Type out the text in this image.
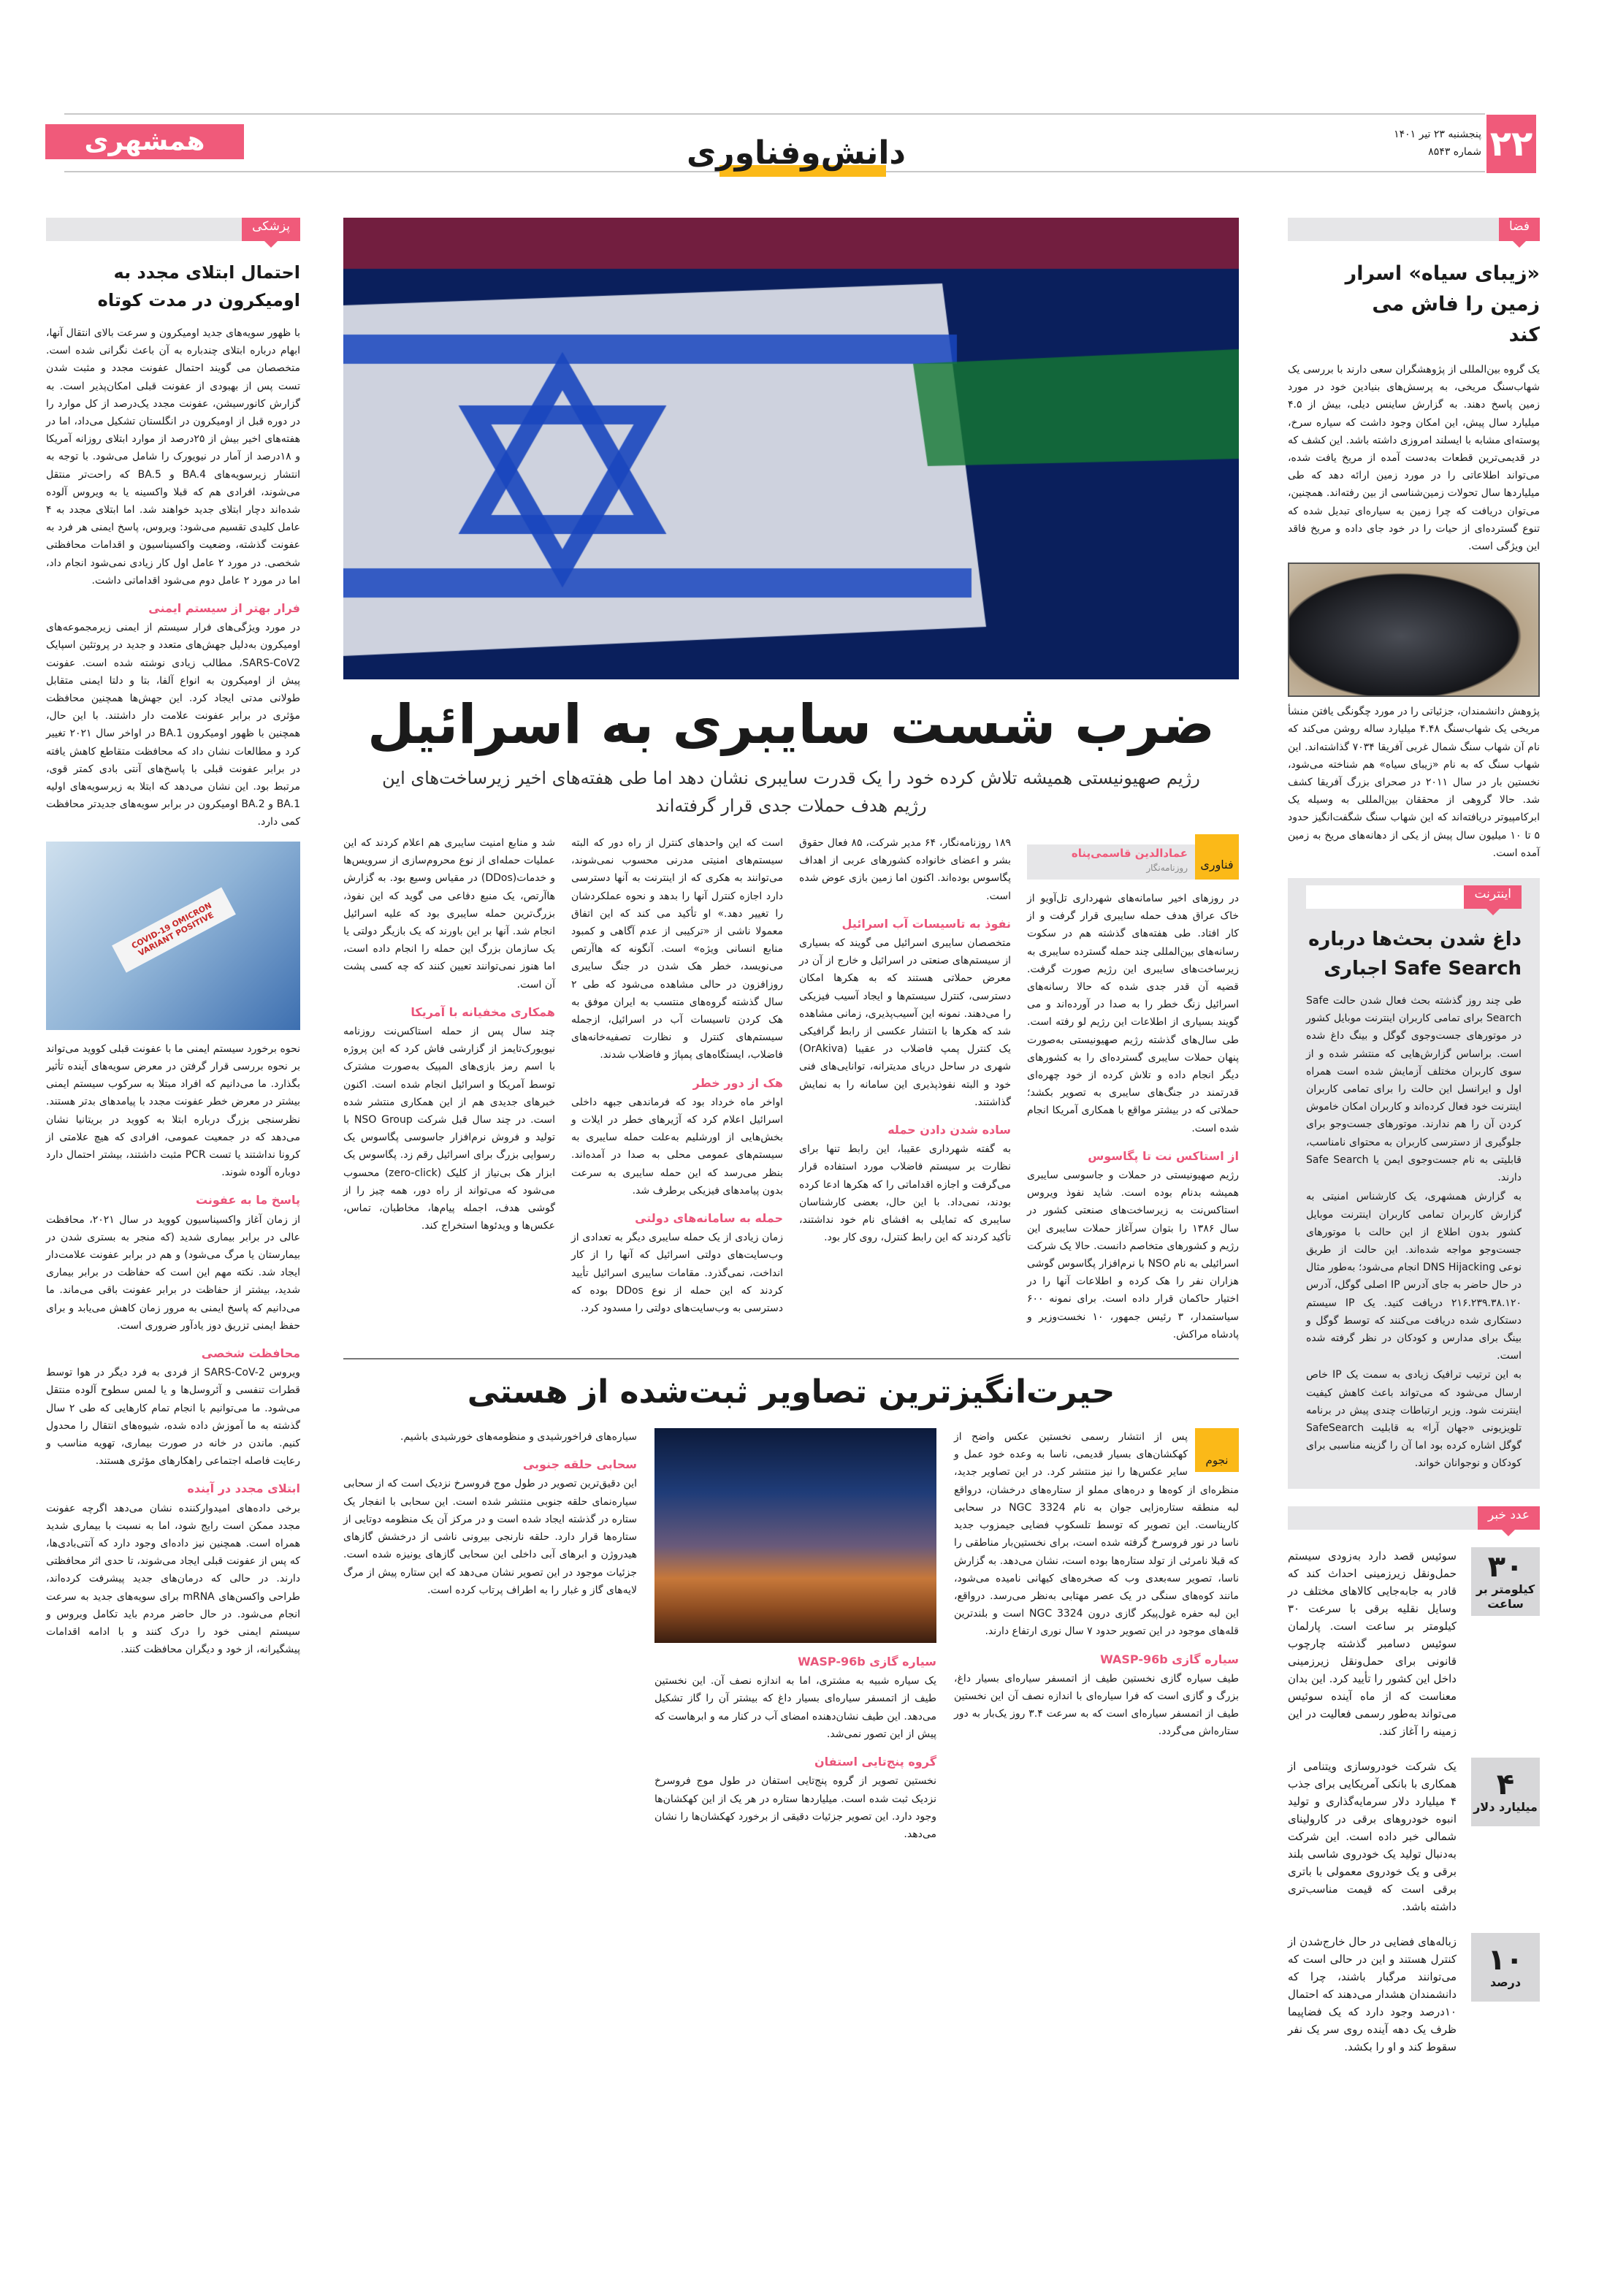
همشهری	دانش‌وفناوری	۲۲
پنجشنبه ۲۳ تیر ۱۴۰۱
شماره ۸۵۴۳
فضا
«زیبای سیاه» اسرار زمین را فاش می کند
یک گروه بین‌المللی از پژوهشگران سعی دارند با بررسی یک شهاب‌سنگ مریخی، به پرسش‌های بنیادین خود در مورد زمین پاسخ دهند. به گزارش ساینس دیلی، بیش از ۴.۵ میلیارد سال پیش، این امکان وجود داشت که سیاره سرخ، پوسته‌ای مشابه با ایسلند امروزی داشته باشد. این کشف که در قدیمی‌ترین قطعات به‌دست آمده از مریخ یافت شده، می‌تواند اطلاعاتی را در مورد زمین ارائه دهد که طی میلیاردها سال تحولات زمین‌شناسی از بین رفته‌اند. همچنین، می‌توان دریافت که چرا زمین به سیاره‌ای تبدیل شده که تنوع گسترده‌ای از حیات را در خود جای داده و مریخ فاقد این ویژگی است.
پژوهش دانشمندان، جزئیاتی را در مورد چگونگی یافتن منشأ مریخی یک شهاب‌سنگ ۴.۴۸ میلیارد ساله روشن می‌کند که نام آن شهاب سنگ شمال غربی آفریقا ۷۰۳۴ گذاشته‌اند. این شهاب سنگ که به نام «زیبای سیاه» هم شناخته می‌شود، نخستین بار در سال ۲۰۱۱ در صحرای بزرگ آفریقا کشف شد. حالا گروهی از محققان بین‌المللی به وسیله یک ابرکامپیوتر دریافته‌اند که این شهاب سنگ شگفت‌انگیز حدود ۵ تا ۱۰ میلیون سال پیش از یکی از دهانه‌های مریخ به زمین آمده است.
اینترنت
داغ شدن بحث‌ها درباره Safe Search اجباری

طی چند روز گذشته بحث فعال شدن حالت Safe Search برای تمامی کاربران اینترنت موبایل کشور در موتورهای جست‌وجوی گوگل و بینگ داغ شده است. براساس گزارش‌هایی که منتشر شده و از سوی کاربران مختلف آزمایش شده است همراه اول و ایرانسل این حالت را برای تمامی کاربران اینترنت خود فعال کرده‌اند و کاربران امکان خاموش کردن آن را هم ندارند. موتورهای جست‌وجو برای جلوگیری از دسترسی کاربران به محتوای نامناسب، قابلیتی به نام جست‌وجوی ایمن یا Safe Search دارند.

به گزارش همشهری، یک کارشناس امنیتی به گزارش کاربران تمامی کاربران اینترنت موبایل کشور بدون اطلاع از این حالت با موتورهای جست‌وجو مواجه شده‌اند. این حالت از طریق نوعی DNS Hijacking انجام می‌شود؛ به‌طور مثال در حال حاضر به جای آدرس IP اصلی گوگل، آدرس ۲۱۶.۲۳۹.۳۸.۱۲۰ دریافت کنید. یک IP سیستم دستکاری شده دریافت می‌کنند که توسط گوگل و بینگ برای مدارس و کودکان در نظر گرفته شده است.

به این ترتیب ترافیک زیادی به سمت یک IP خاص ارسال می‌شود که می‌تواند باعث کاهش کیفیت اینترنت شود. وزیر ارتباطات چندی پیش در برنامه تلویزیونی «جهان آرا» به قابلیت SafeSearch گوگل اشاره کرده بود اما آن را گزینه مناسبی برای کودکان و نوجوانان خواند.

عدد خبر
۳۰
کیلومتر بر ساعت
سوئیس قصد دارد به‌زودی سیستم حمل‌ونقل زیرزمینی احداث کند که قادر به جابه‌جایی کالاهای مختلف در وسایل نقلیه برقی با سرعت ۳۰ کیلومتر بر ساعت است. پارلمان سوئیس دسامبر گذشته چارچوب قانونی برای حمل‌ونقل زیرزمینی داخل این کشور را تأیید کرد. این بدان معناست که از ماه آینده سوئیس می‌تواند به‌طور رسمی فعالیت در این زمینه را آغاز کند.
۴
میلیارد دلار
یک شرکت خودروسازی ویتنامی از همکاری با بانکی آمریکایی برای جذب ۴ میلیارد دلار سرمایه‌گذاری و تولید انبوه خودروهای برقی در کارولینای شمالی خبر داده است. این شرکت به‌دنبال تولید یک خودروی شاسی بلند برقی و یک خودروی معمولی با باتری برقی است که قیمت مناسب‌تری داشته باشد.
۱۰
درصد
زباله‌های فضایی در حال خارج‌شدن از کنترل هستند و این در حالی است که می‌توانند مرگبار باشند، چرا که دانشمندان هشدار می‌دهند که احتمال ۱۰درصد وجود دارد که یک فضاپیما ظرف یک دهه آینده روی سر یک نفر سقوط کند و او را بکشد.
ضرب شست سایبری به اسرائیل
رژیم صهیونیستی همیشه تلاش کرده خود را یک قدرت سایبری نشان دهد اما طی هفته‌های اخیر زیرساخت‌های این رژیم هدف حملات جدی قرار گرفته‌اند
فناوری
عمادالدین قاسمی‌پناه
روزنامه‌نگار

در روزهای اخیر سامانه‌های شهرداری تل‌آویو از خاک عراق هدف حمله سایبری قرار گرفت و از کار افتاد. طی هفته‌های گذشته هم در سکوت رسانه‌های بین‌المللی چند حمله گسترده سایبری به زیرساخت‌های سایبری این رژیم صورت گرفت. قضیه آن قدر جدی شده که حالا رسانه‌های اسرائیل زنگ خطر را به صدا در آورده‌اند و می گویند بسیاری از اطلاعات این رژیم لو رفته است. طی سال‌های گذشته رژیم صهیونیستی به‌صورت پنهان حملات سایبری گسترده‌ای را به کشورهای دیگر انجام داده و تلاش کرده از خود چهره‌ای قدرتمند در جنگ‌های سایبری به تصویر بکشد؛ حملاتی که در بیشتر مواقع با همکاری آمریکا انجام شده است.

از استاکس نت تا پگاسوس

رژیم صهیونیستی در حملات و جاسوسی سایبری همیشه بدنام بوده است. شاید نفوذ ویروس استاکس‌نت به زیرساخت‌های صنعتی کشور در سال ۱۳۸۶ را بتوان سرآغاز حملات سایبری این رژیم و کشورهای متخاصم دانست. حالا یک شرکت اسرائیلی به نام NSO با نرم‌افزار پگاسوس گوشی هزاران نفر را هک کرده و اطلاعات آنها را در اختیار حاکمان قرار داده است. برای نمونه ۶۰۰ سیاستمدار، ۳ رئیس جمهور، ۱۰ نخست‌وزیر و پادشاه مراکش.

۱۸۹ روزنامه‌نگار، ۶۴ مدیر شرکت، ۸۵ فعال حقوق بشر و اعضای خانواده کشورهای عربی از اهداف پگاسوس بوده‌اند. اکنون اما زمین بازی عوض شده است.

نفوذ به تاسیسات آب اسرائیل

متخصصان سایبری اسرائیل می گویند که بسیاری از سیستم‌های صنعتی در اسرائیل و خارج از آن در معرض حملاتی هستند که به هکرها امکان دسترسی، کنترل سیستم‌ها و ایجاد آسیب فیزیکی را می‌دهند. نمونه این آسیب‌پذیری، زمانی مشاهده شد که هکرها با انتشار عکسی از رابط گرافیکی یک کنترل پمپ فاضلاب در عقیبا (OrAkiva) شهری در ساحل دریای مدیترانه، توانایی‌های فنی خود و البته نفوذپذیری این سامانه را به نمایش گذاشتند.

ساده شدن دادن حمله

به گفته شهرداری عقیبا، این رابط تنها برای نظارت بر سیستم فاضلاب مورد استفاده قرار می‌گرفت و اجازه اقداماتی را که هکرها ادعا کرده بودند، نمی‌داد. با این حال، بعضی کارشناسان سایبری که تمایلی به افشای نام خود نداشتند، تأکید کردند که این رابط کنترل، روی کار بود.

است که این واحدهای کنترل از راه دور که البته سیستم‌های امنیتی مدرنی محسوب نمی‌شوند، می‌توانند به هکری که از اینترنت به آنها دسترسی دارد اجازه کنترل آنها را بدهد و نحوه عملکردشان را تغییر دهد.» او تأکید می کند که این اتفاق معمولا ناشی از «ترکیبی از عدم آگاهی و کمبود منابع انسانی ویژه» است. آنگونه که هاآرتص می‌نویسد، خطر هک شدن در جنگ سایبری روزافزون در حالی مشاهده می‌شود که طی ۲ سال گذشته گروه‌های منتسب به ایران موفق به هک کردن تاسیسات آب در اسرائیل، ازجمله سیستم‌های کنترل و نظارت تصفیه‌خانه‌های فاضلاب، ایستگاه‌های پمپاژ و فاضلاب شدند.

هک از دور خطر

اواخر ماه خرداد بود که فرماندهی جبهه داخلی اسرائیل اعلام کرد که آژیرهای خطر در ایلات و بخش‌هایی از اورشلیم به‌علت حمله سایبری به سیستم‌های عمومی محلی به صدا در آمده‌اند. بنظر می‌رسد که این حمله سایبری به سرعت بدون پیامدهای فیزیکی برطرف شد.

حمله به سامانه‌های دولتی

زمان زیادی از یک حمله سایبری دیگر به تعدادی از وب‌سایت‌های دولتی اسرائیل که آنها را از کار انداخت، نمی‌گذرد. مقامات سایبری اسرائیل تأیید کردند که این حمله از نوع DDos بوده که دسترسی به وب‌سایت‌های دولتی را مسدود کرد.

شد و منابع امنیت سایبری هم اعلام کردند که این عملیات حمله‌ای از نوع محروم‌سازی از سرویس‌ها و خدمات(DDos) در مقیاس وسیع بود. به گزارش هاآرتص، یک منبع دفاعی می گوید که این نفوذ، بزرگ‌ترین حمله سایبری بود که علیه اسرائیل انجام شد. آنها بر این باورند که یک بازیگر دولتی یا یک سازمان بزرگ این حمله را انجام داده است، اما هنوز نمی‌توانند تعیین کنند که چه کسی پشت آن است.

همکاری مخفیانه با آمریکا

چند سال پس از حمله استاکس‌نت روزنامه نیویورک‌تایمز از گزارشی فاش کرد که این پروژه با اسم رمز بازی‌های المپیک به‌صورت مشترک توسط آمریکا و اسرائیل انجام شده است. اکنون خبرهای جدیدی هم از این همکاری منتشر شده است. در چند سال قبل شرکت NSO Group با تولید و فروش نرم‌افزار جاسوسی پگاسوس یک رسوایی بزرگ برای اسرائیل رقم زد. پگاسوس یک ابزار هک بی‌نیاز از کلیک (zero-click) محسوب می‌شود که می‌تواند از راه دور، همه چیز را از گوشی هدف، اجمله پیام‌ها، مخاطبان، تماس، عکس‌ها و ویدئوها استخراج کند.

حیرت‌انگیزترین تصاویر ثبت‌شده از هستی
نجوم

پس از انتشار رسمی نخستین عکس واضح از کهکشان‌های بسیار قدیمی، ناسا به وعده خود عمل و سایر عکس‌ها را نیز منتشر کرد. در این تصاویر جدید، منظره‌ای از کوه‌ها و دره‌های مملو از ستاره‌های درخشان، درواقع لبه منطقه ستاره‌زایی جوان به نام NGC 3324 در سحابی کاریناست. این تصویر که توسط تلسکوپ فضایی جیمزوب جدید ناسا در نور فروسرخ گرفته شده است، برای نخستین‌بار مناطقی را که قبلا نامرئی از تولد ستاره‌ها بوده است، نشان می‌دهد. به گزارش ناسا، تصویر سه‌بعدی وب که صخره‌های کیهانی نامیده می‌شود، مانند کوه‌های سنگی در یک عصر مهتابی به‌نظر می‌رسد. درواقع، این لبه حفره غول‌پیکر گازی درون NGC 3324 است و بلندترین قله‌های موجود در این تصویر حدود ۷ سال نوری ارتفاع دارند.

سیاره گازی WASP-96b

طیف سیاره گازی نخستین طیف از اتمسفر سیاره‌ای بسیار داغ، بزرگ و گازی است که فرا سیاره‌ای با اندازه نصف آن این نخستین طیف از اتمسفر سیاره‌ای است که به سرعت ۳.۴ روز یک‌بار به دور ستاره‌اش می‌گردد.

سیاره گازی WASP-96b

یک سیاره شبیه به مشتری، اما به اندازه نصف آن. این نخستین طیف از اتمسفر سیاره‌ای بسیار داغ که بیشتر آن را گاز تشکیل می‌دهد. این طیف نشان‌دهنده امضای آب در کنار مه و ابرهاست که پیش از این تصور نمی‌شد.

گروه پنج‌تایی استفان

نخستین تصویر از گروه پنج‌تایی استفان در طول موج فروسرخ نزدیک ثبت شده است. میلیاردها ستاره در هر یک از این کهکشان‌ها وجود دارد. این تصویر جزئیات دقیقی از برخورد کهکشان‌ها را نشان می‌دهد.

سیاره‌های فراخورشیدی و منظومه‌های خورشیدی باشیم.

سحابی حلقه جنوبی

این دقیق‌ترین تصویر در طول موج فروسرخ نزدیک است که از سحابی سیاره‌نمای حلقه جنوبی منتشر شده است. این سحابی با انفجار یک ستاره در گذشته ایجاد شده است و در مرکز آن یک منظومه دوتایی از ستاره‌ها قرار دارد. حلقه نارنجی بیرونی ناشی از درخشش گازهای هیدروژن و ابرهای آبی داخلی این سحابی گازهای یونیزه شده است. جزئیات موجود در این تصویر نشان می‌دهد که این ستاره پیش از مرگ لایه‌های گاز و غبار را به اطراف پرتاب کرده است.

پزشکی
احتمال ابتلای مجدد به اومیکرون در مدت کوتاه

با ظهور سویه‌های جدید اومیکرون و سرعت بالای انتقال آنها، ابهام درباره ابتلای چندباره به آن باعث نگرانی شده است. متخصصان می گویند احتمال عفونت مجدد و مثبت شدن تست پس از بهبودی از عفونت قبلی امکان‌پذیر است. به گزارش کانورسیشن، عفونت مجدد یک‌درصد از کل موارد را در دوره قبل از اومیکرون در انگلستان تشکیل می‌داد، اما در هفته‌های اخیر بیش از ۲۵درصد از موارد ابتلای روزانه آمریکا و ۱۸درصد از آمار در نیویورک را شامل می‌شود. با توجه به انتشار زیرسویه‌های BA.4 و BA.5 که راحت‌تر منتقل می‌شوند، افرادی هم که قبلا واکسینه یا به ویروس آلوده شده‌اند دچار ابتلای جدید خواهند شد. اما ابتلای مجدد به ۴ عامل کلیدی تقسیم می‌شود: ویروس، پاسخ ایمنی هر فرد به عفونت گذشته، وضعیت واکسیناسیون و اقدامات محافظتی شخصی. در مورد ۲ عامل اول کار زیادی نمی‌شود انجام داد، اما در مورد ۲ عامل دوم می‌شود اقداماتی داشت.

فرار بهتر از سیستم ایمنی

در مورد ویژگی‌های فرار سیستم از ایمنی زیرمجموعه‌های اومیکرون به‌دلیل جهش‌های متعدد و جدید در پروتئین اسپایک SARS-CoV2، مطالب زیادی نوشته شده است. عفونت پیش از اومیکرون به انواع آلفا، بتا و دلتا ایمنی متقابل طولانی مدتی ایجاد کرد. این جهش‌ها همچنین محافظت مؤثری در برابر عفونت علامت دار داشتند. با این حال، همچنین با ظهور اومیکرون BA.1 در اواخر سال ۲۰۲۱ تغییر کرد و مطالعات نشان داد که محافظت متقاطع کاهش یافته در برابر عفونت قبلی با پاسخ‌های آنتی بادی کمتر قوی، مرتبط بود. این نشان می‌دهد که ابتلا به زیرسویه‌های اولیه BA.1 و BA.2 اومیکرون در برابر سویه‌های جدیدتر محافظت کمی دارد.

COVID-19 OMICRON VARIANT POSITIVE

نحوه برخورد سیستم ایمنی ما با عفونت قبلی کووید می‌تواند بر نحوه بررسی قرار گرفتن در معرض سویه‌های آینده تأثیر بگذارد. ما می‌دانیم که افراد مبتلا به سرکوب سیستم ایمنی بیشتر در معرض خطر عفونت مجدد با پیامدهای بدتر هستند. نظرسنجی بزرگ درباره ابتلا به کووید در بریتانیا نشان می‌دهد که در جمعیت عمومی، افرادی که هیچ علامتی از کرونا نداشتند یا تست PCR مثبت داشتند، بیشتر احتمال دارد دوباره آلوده شوند.

پاسخ ما به عفونت

از زمان آغاز واکسیناسیون کووید در سال ۲۰۲۱، محافظت عالی در برابر بیماری شدید (که منجر به بستری شدن در بیمارستان یا مرگ می‌شود) و هم در برابر عفونت علامت‌دار ایجاد شد. نکته مهم این است که حفاظت در برابر بیماری شدید، بیشتر از حفاظت در برابر عفونت باقی می‌ماند. ما می‌دانیم که پاسخ ایمنی به مرور زمان کاهش می‌یابد و برای حفظ ایمنی تزریق دوز یادآور ضروری است.

محافظت شخصی

ویروس SARS-CoV-2 از فردی به فرد دیگر در هوا توسط قطرات تنفسی و آئروسل‌ها و یا لمس سطوح آلوده منتقل می‌شود. ما می‌توانیم با انجام تمام کارهایی که طی ۲ سال گذشته به ما آموزش داده شده، شیوه‌های انتقال را محدول کنیم. ماندن در خانه در صورت بیماری، تهویه مناسب و رعایت فاصله اجتماعی راهکارهای مؤثری هستند.

ابتلای مجدد در آینده

برخی داده‌های امیدوارکننده نشان می‌دهد اگرچه عفونت مجدد ممکن است رایج شود، اما به نسبت با بیماری شدید همراه است. همچنین نیز داده‌ای وجود دارد که آنتی‌بادی‌ها، که پس از عفونت قبلی ایجاد می‌شوند، تا حدی اثر محافظتی دارند. در حالی که درمان‌های جدید پیشرفت کرده‌اند، طراحی واکسن‌های mRNA برای سویه‌های جدید به سرعت انجام می‌شود. در حال حاضر مردم باید تکامل ویروس و سیستم ایمنی خود را درک کنند و با ادامه اقدامات پیشگیرانه، از خود و دیگران محافظت کنند.
